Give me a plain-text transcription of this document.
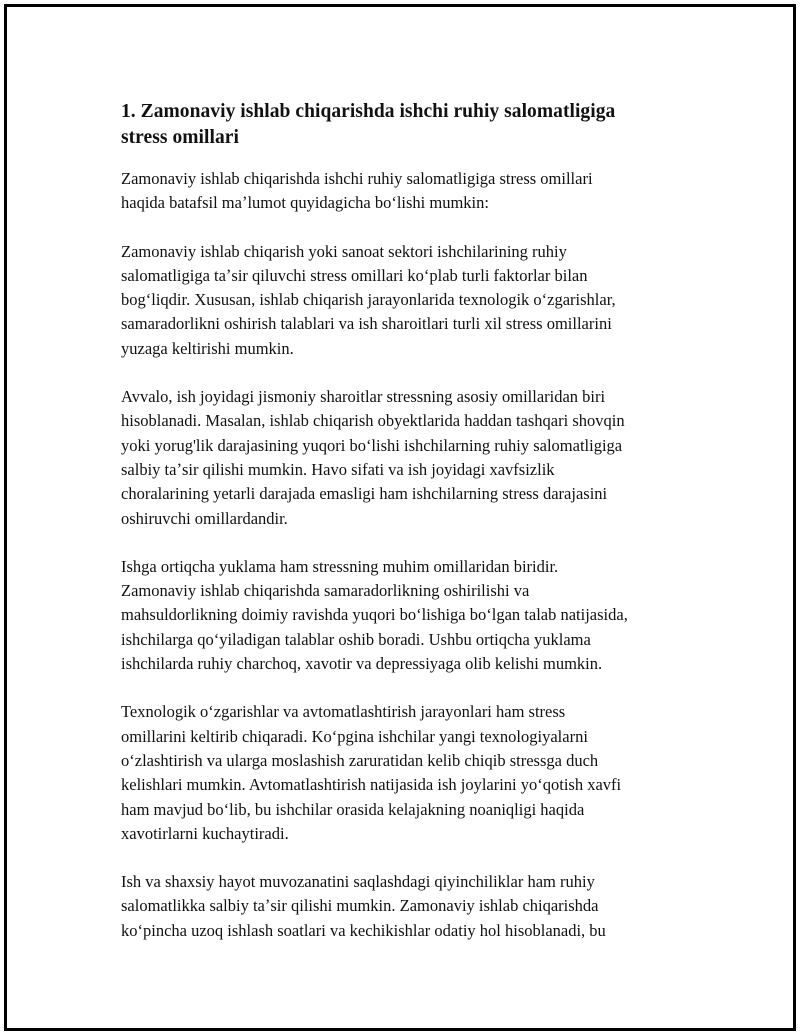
1. Zamonaviy ishlab chiqarishda ishchi ruhiy salomatligiga
stress omillari

Zamonaviy ishlab chiqarishda ishchi ruhiy salomatligiga stress omillari
haqida batafsil maʼlumot quyidagicha boʻlishi mumkin:

Zamonaviy ishlab chiqarish yoki sanoat sektori ishchilarining ruhiy
salomatligiga taʼsir qiluvchi stress omillari koʻplab turli faktorlar bilan
bogʻliqdir. Xususan, ishlab chiqarish jarayonlarida texnologik oʻzgarishlar,
samaradorlikni oshirish talablari va ish sharoitlari turli xil stress omillarini
yuzaga keltirishi mumkin.

Avvalo, ish joyidagi jismoniy sharoitlar stressning asosiy omillaridan biri
hisoblanadi. Masalan, ishlab chiqarish obyektlarida haddan tashqari shovqin
yoki yorug'lik darajasining yuqori boʻlishi ishchilarning ruhiy salomatligiga
salbiy taʼsir qilishi mumkin. Havo sifati va ish joyidagi xavfsizlik
choralarining yetarli darajada emasligi ham ishchilarning stress darajasini
oshiruvchi omillardandir.

Ishga ortiqcha yuklama ham stressning muhim omillaridan biridir.
Zamonaviy ishlab chiqarishda samaradorlikning oshirilishi va
mahsuldorlikning doimiy ravishda yuqori boʻlishiga boʻlgan talab natijasida,
ishchilarga qoʻyiladigan talablar oshib boradi. Ushbu ortiqcha yuklama
ishchilarda ruhiy charchoq, xavotir va depressiyaga olib kelishi mumkin.

Texnologik oʻzgarishlar va avtomatlashtirish jarayonlari ham stress
omillarini keltirib chiqaradi. Koʻpgina ishchilar yangi texnologiyalarni
oʻzlashtirish va ularga moslashish zaruratidan kelib chiqib stressga duch
kelishlari mumkin. Avtomatlashtirish natijasida ish joylarini yoʻqotish xavfi
ham mavjud boʻlib, bu ishchilar orasida kelajakning noaniqligi haqida
xavotirlarni kuchaytiradi.

Ish va shaxsiy hayot muvozanatini saqlashdagi qiyinchiliklar ham ruhiy
salomatlikka salbiy taʼsir qilishi mumkin. Zamonaviy ishlab chiqarishda
koʻpincha uzoq ishlash soatlari va kechikishlar odatiy hol hisoblanadi, bu
